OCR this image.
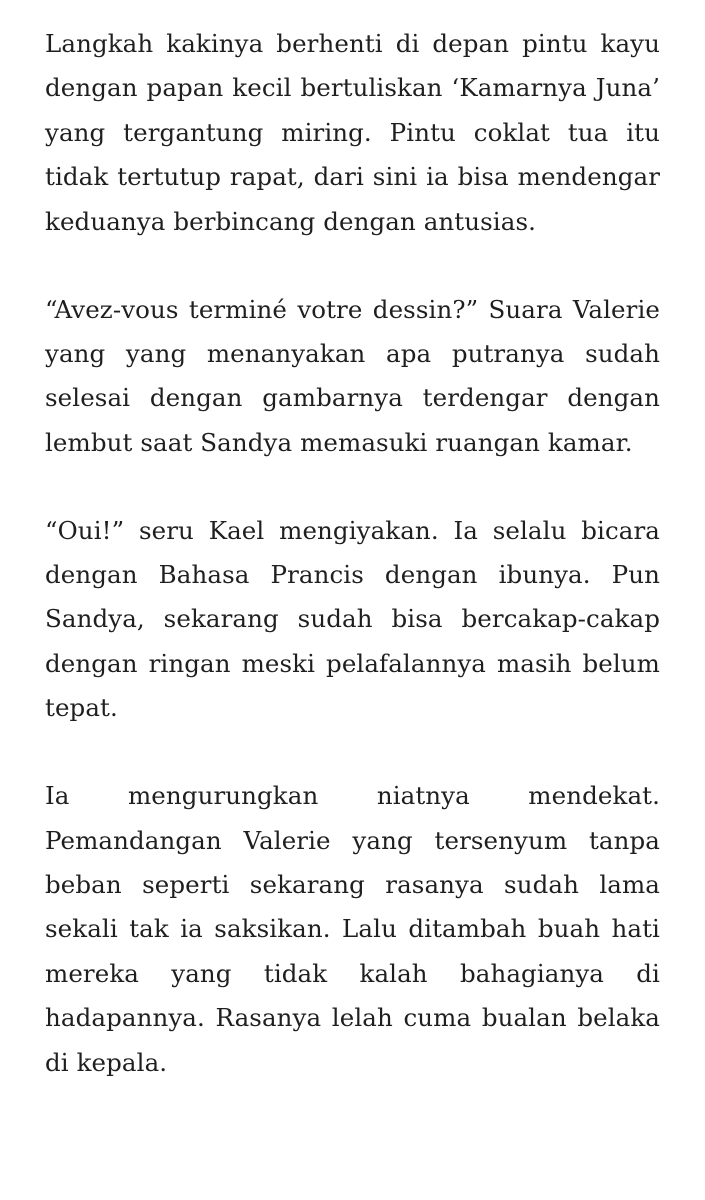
Langkah kakinya berhenti di depan pintu kayu dengan papan kecil bertuliskan ‘Kamarnya Juna’ yang tergantung miring. Pintu coklat tua itu tidak tertutup rapat, dari sini ia bisa mendengar keduanya berbincang dengan antusias.

“Avez-vous terminé votre dessin?” Suara Valerie yang yang menanyakan apa putranya sudah selesai dengan gambarnya terdengar dengan lembut saat Sandya memasuki ruangan kamar.

“Oui!” seru Kael mengiyakan. Ia selalu bicara dengan Bahasa Prancis dengan ibunya. Pun Sandya, sekarang sudah bisa bercakap-cakap dengan ringan meski pelafalannya masih belum tepat.

Ia mengurungkan niatnya mendekat. Pemandangan Valerie yang tersenyum tanpa beban seperti sekarang rasanya sudah lama sekali tak ia saksikan. Lalu ditambah buah hati mereka yang tidak kalah bahagianya di hadapannya. Rasanya lelah cuma bualan belaka di kepala.
